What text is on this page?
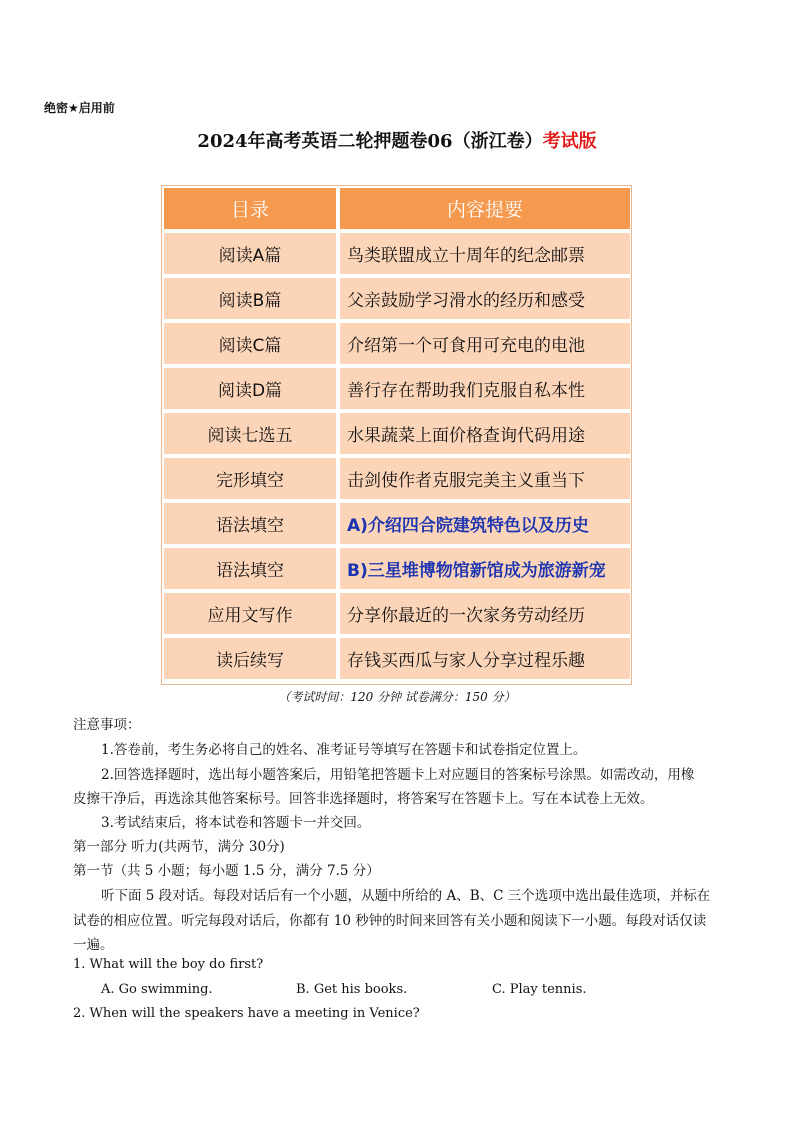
绝密★启用前
2024年高考英语二轮押题卷06（浙江卷）考试版
目录	内容提要
阅读A篇	鸟类联盟成立十周年的纪念邮票
阅读B篇	父亲鼓励学习滑水的经历和感受
阅读C篇	介绍第一个可食用可充电的电池
阅读D篇	善行存在帮助我们克服自私本性
阅读七选五	水果蔬菜上面价格查询代码用途
完形填空	击剑使作者克服完美主义重当下
语法填空	A)介绍四合院建筑特色以及历史
语法填空	B)三星堆博物馆新馆成为旅游新宠
应用文写作	分享你最近的一次家务劳动经历
读后续写	存钱买西瓜与家人分享过程乐趣
（考试时间：120 分钟 试卷满分：150 分）
注意事项：
1.答卷前，考生务必将自己的姓名、准考证号等填写在答题卡和试卷指定位置上。
2.回答选择题时，选出每小题答案后，用铅笔把答题卡上对应题目的答案标号涂黑。如需改动，用橡
皮擦干净后，再选涂其他答案标号。回答非选择题时，将答案写在答题卡上。写在本试卷上无效。
3.考试结束后，将本试卷和答题卡一并交回。
第一部分 听力(共两节，满分 30分)
第一节（共 5 小题；每小题 1.5 分，满分 7.5 分）
听下面 5 段对话。每段对话后有一个小题，从题中所给的 A、B、C 三个选项中选出最佳选项，并标在
试卷的相应位置。听完每段对话后，你都有 10 秒钟的时间来回答有关小题和阅读下一小题。每段对话仅读
一遍。
1. What will the boy do first?
A. Go swimming.	B. Get his books.	C. Play tennis.
2. When will the speakers have a meeting in Venice?
